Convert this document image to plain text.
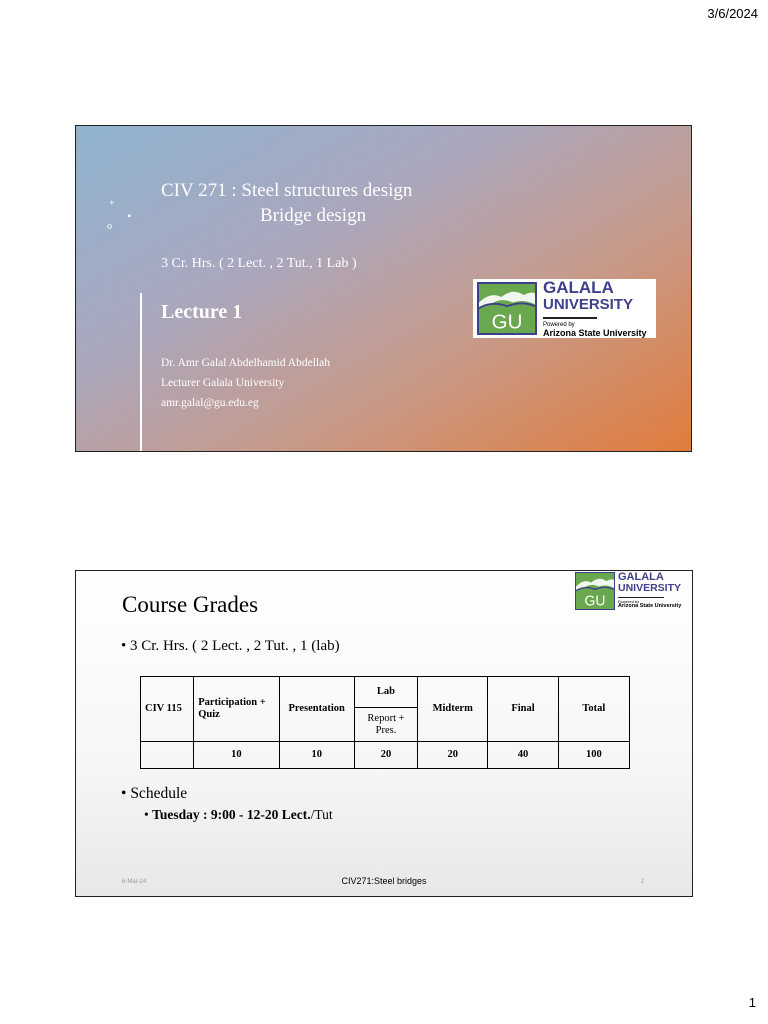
3/6/2024
+
•
o
CIV 271 : Steel structures design
Bridge design
3 Cr. Hrs. ( 2 Lect. , 2 Tut., 1 Lab )
Lecture 1
Dr. Amr Galal Abdelhamid Abdellah
Lecturer Galala University
amr.galal@gu.edu.eg
GU
GALALA
UNIVERSITY
Powered by
Arizona State University
GU
GALALA
UNIVERSITY
Powered by
Arizona State University
Course Grades
• 3 Cr. Hrs. ( 2 Lect. , 2 Tut. , 1 (lab)
CIV 115	Participation + Quiz	Presentation	Lab	Midterm	Final	Total
			Report + Pres.			
	10	10	20	20	40	100
• Schedule
• Tuesday : 9:00 - 12-20 Lect./Tut
6-Mar-24	CIV271:Steel bridges	2
1
